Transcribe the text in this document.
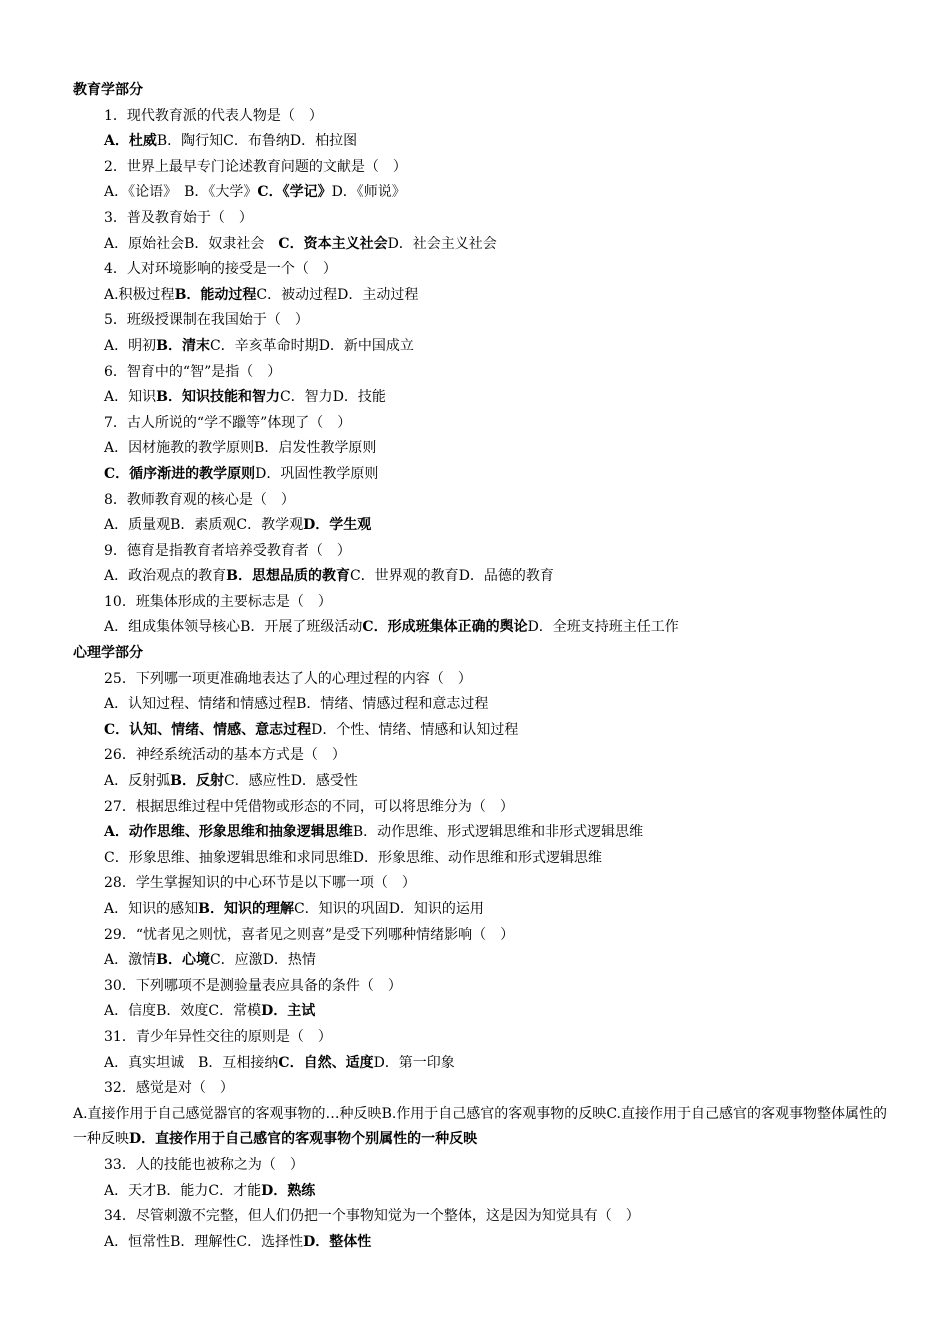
教育学部分
1．现代教育派的代表人物是（　）
A．杜威B．陶行知C．布鲁纳D．柏拉图
2．世界上最早专门论述教育问题的文献是（　）
A．《论语》　B．《大学》C．《学记》D．《师说》
3．普及教育始于（　）
A．原始社会B．奴隶社会　C．资本主义社会D．社会主义社会
4．人对环境影响的接受是一个（　）
A.积极过程B．能动过程C．被动过程D．主动过程
5．班级授课制在我国始于（　）
A．明初B．清末C．辛亥革命时期D．新中国成立
6．智育中的“智”是指（　）
A．知识B．知识技能和智力C．智力D．技能
7．古人所说的“学不躐等”体现了（　）
A．因材施教的教学原则B．启发性教学原则
C．循序渐进的教学原则D．巩固性教学原则
8．教师教育观的核心是（　）
A．质量观B．素质观C．教学观D．学生观
9．德育是指教育者培养受教育者（　）
A．政治观点的教育B．思想品质的教育C．世界观的教育D．品德的教育
10．班集体形成的主要标志是（　）
A．组成集体领导核心B．开展了班级活动C．形成班集体正确的舆论D．全班支持班主任工作
心理学部分
25．下列哪一项更准确地表达了人的心理过程的内容（　）
A．认知过程、情绪和情感过程B．情绪、情感过程和意志过程
C．认知、情绪、情感、意志过程D．个性、情绪、情感和认知过程
26．神经系统活动的基本方式是（　）
A．反射弧B．反射C．感应性D．感受性
27．根据思维过程中凭借物或形态的不同，可以将思维分为（　）
A．动作思维、形象思维和抽象逻辑思维B．动作思维、形式逻辑思维和非形式逻辑思维
C．形象思维、抽象逻辑思维和求同思维D．形象思维、动作思维和形式逻辑思维
28．学生掌握知识的中心环节是以下哪一项（　）
A．知识的感知B．知识的理解C．知识的巩固D．知识的运用
29．“忧者见之则忧，喜者见之则喜”是受下列哪种情绪影响（　）
A．激情B．心境C．应激D．热情
30．下列哪项不是测验量表应具备的条件（　）
A．信度B．效度C．常模D．主试
31．青少年异性交往的原则是（　）
A．真实坦诚　B．互相接纳C．自然、适度D．第一印象
32．感觉是对（　）
A.直接作用于自己感觉器官的客观事物的…种反映B.作用于自己感官的客观事物的反映C.直接作用于自己感官的客观事物整体属性的一种反映D．直接作用于自己感官的客观事物个别属性的一种反映
33．人的技能也被称之为（　）
A．天才B．能力C．才能D．熟练
34．尽管刺激不完整，但人们仍把一个事物知觉为一个整体，这是因为知觉具有（　）
A．恒常性B．理解性C．选择性D．整体性
